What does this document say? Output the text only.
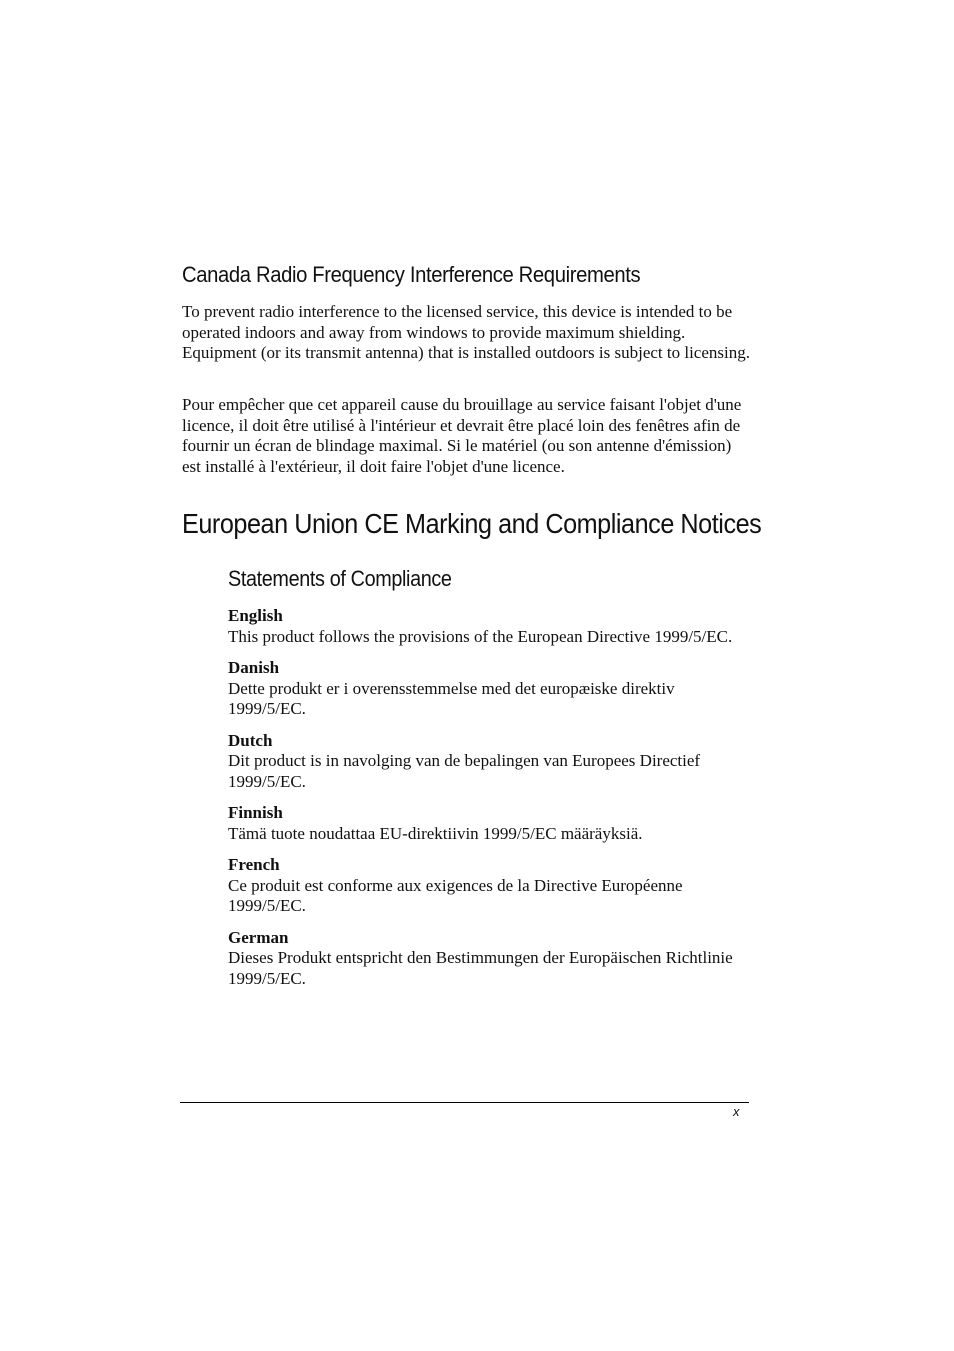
Canada Radio Frequency Interference Requirements

To prevent radio interference to the licensed service, this device is intended to be operated indoors and away from windows to provide maximum shielding. Equipment (or its transmit antenna) that is installed outdoors is subject to licensing.

Pour empêcher que cet appareil cause du brouillage au service faisant l'objet d'une licence, il doit être utilisé à l'intérieur et devrait être placé loin des fenêtres afin de fournir un écran de blindage maximal. Si le matériel (ou son antenne d'émission) est installé à l'extérieur, il doit faire l'objet d'une licence.

European Union CE Marking and Compliance Notices
Statements of Compliance
English
This product follows the provisions of the European Directive 1999/5/EC.
Danish
Dette produkt er i overensstemmelse med det europæiske direktiv 1999/5/EC.
Dutch
Dit product is in navolging van de bepalingen van Europees Directief 1999/5/EC.
Finnish
Tämä tuote noudattaa EU-direktiivin 1999/5/EC määräyksiä.
French
Ce produit est conforme aux exigences de la Directive Européenne 1999/5/EC.
German
Dieses Produkt entspricht den Bestimmungen der Europäischen Richtlinie 1999/5/EC.
x
